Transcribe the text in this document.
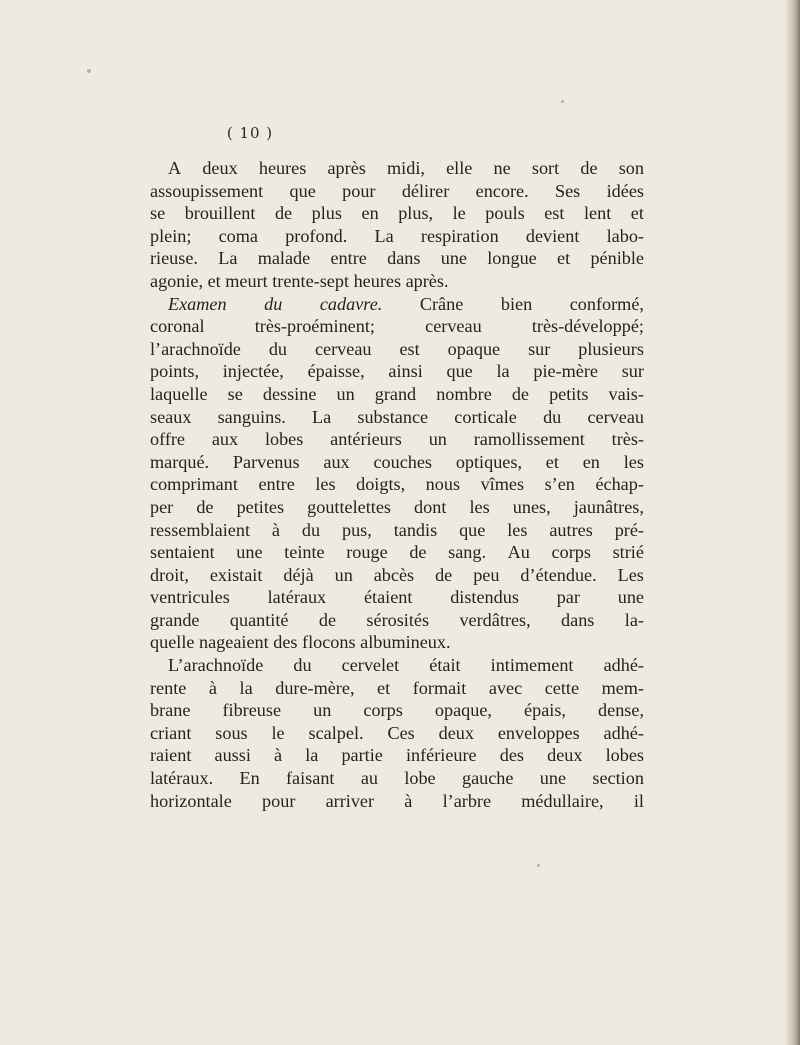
( 10 )
A deux heures après midi, elle ne sort de son
assoupissement que pour délirer encore. Ses idées
se brouillent de plus en plus, le pouls est lent et
plein; coma profond. La respiration devient labo-
rieuse. La malade entre dans une longue et pénible
agonie,
et
meurt
trente-sept
heures
après.
Examen du cadavre. Crâne bien conformé,
coronal	très-proéminent;	cerveau	très-développé;
l’arachnoïde du cerveau est opaque sur plusieurs
points, injectée, épaisse, ainsi que la pie-mère sur
laquelle se dessine un grand nombre de petits vais-
seaux sanguins. La substance corticale du cerveau
offre aux lobes antérieurs un ramollissement très-
marqué. Parvenus aux couches optiques, et en les
comprimant entre les doigts, nous vîmes s’en échap-
per de petites gouttelettes dont les unes, jaunâtres,
ressemblaient à du pus, tandis que les autres pré-
sentaient une teinte rouge de sang. Au corps strié
droit, existait déjà un abcès de peu d’étendue. Les
ventricules latéraux étaient distendus par une
grande quantité de sérosités verdâtres, dans la-
quelle
nageaient
des
flocons
albumineux.
L’arachnoïde du cervelet était intimement adhé-
rente à la dure-mère, et formait avec cette mem-
brane fibreuse un corps opaque, épais, dense,
criant sous le scalpel. Ces deux enveloppes adhé-
raient aussi à la partie inférieure des deux lobes
latéraux. En faisant au lobe gauche une section
horizontale pour arriver à l’arbre médullaire, il
